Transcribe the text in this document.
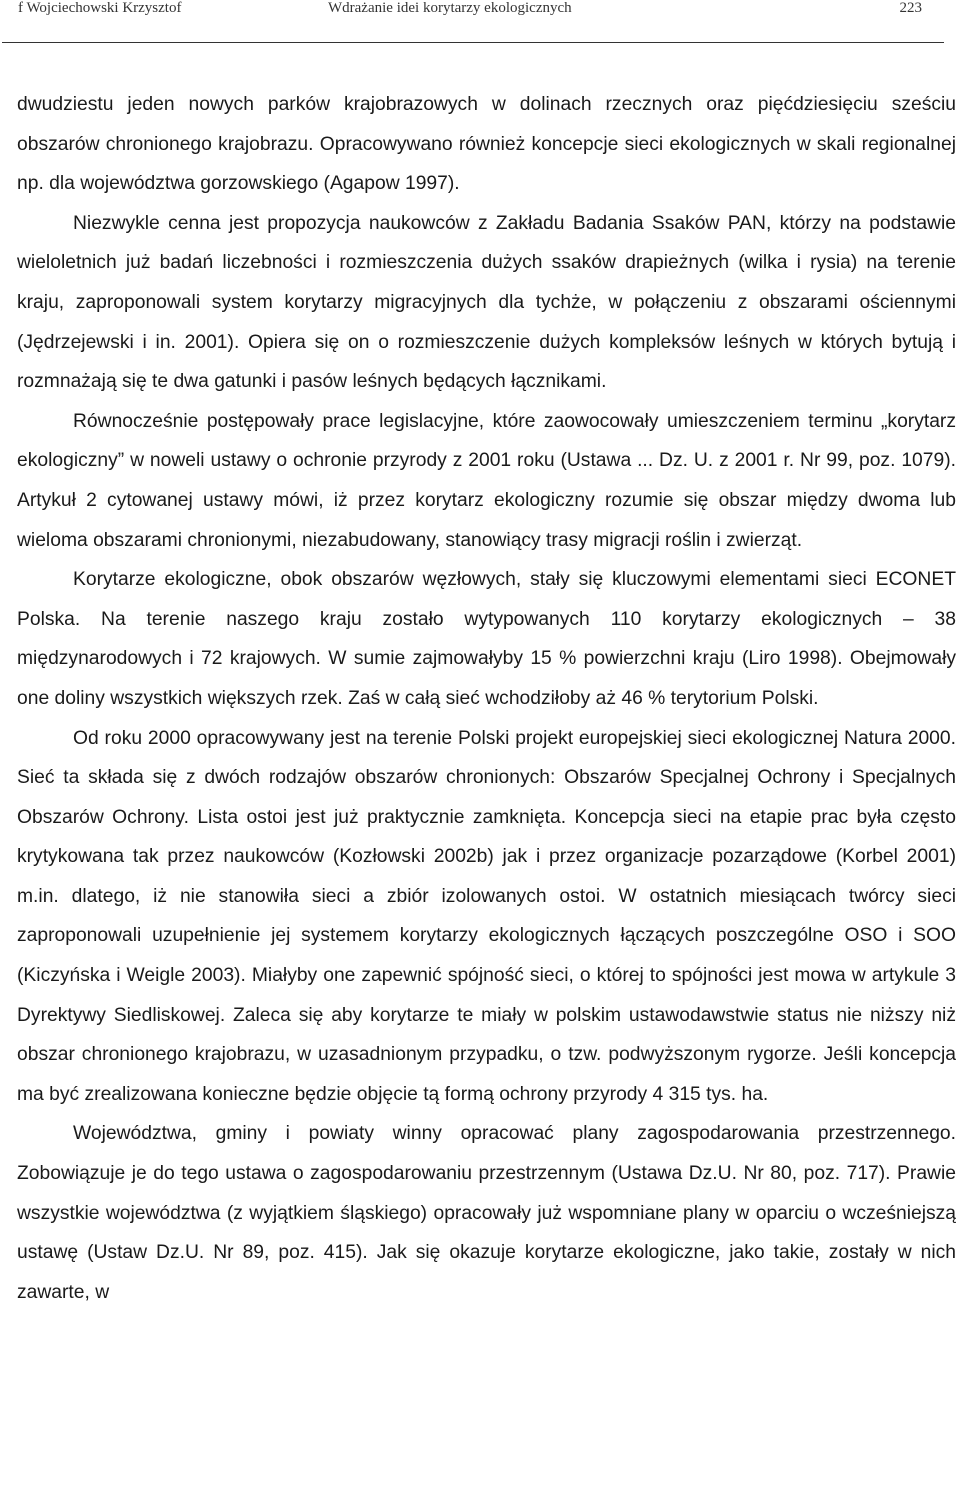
f Wojciechowski Krzysztof	Wdrażanie idei korytarzy ekologicznych	223

dwudziestu jeden nowych parków krajobrazowych w dolinach rzecznych oraz pięćdziesięciu sześciu obszarów chronionego krajobrazu. Opracowywano również koncepcje sieci ekologicznych w skali regionalnej np. dla województwa gorzowskiego (Agapow 1997).

Niezwykle cenna jest propozycja naukowców z Zakładu Badania Ssaków PAN, którzy na podstawie wieloletnich już badań liczebności i rozmieszczenia dużych ssaków drapieżnych (wilka i rysia) na terenie kraju, zaproponowali system korytarzy migracyjnych dla tychże, w połączeniu z obszarami ościennymi (Jędrzejewski i in. 2001). Opiera się on o rozmieszczenie dużych kompleksów leśnych w których bytują i rozmnażają się te dwa gatunki i pasów leśnych będących łącznikami.

Równocześnie postępowały prace legislacyjne, które zaowocowały umieszczeniem terminu „korytarz ekologiczny” w noweli ustawy o ochronie przyrody z 2001 roku (Ustawa ... Dz. U. z 2001 r. Nr 99, poz. 1079). Artykuł 2 cytowanej ustawy mówi, iż przez korytarz ekologiczny rozumie się obszar między dwoma lub wieloma obszarami chronionymi, niezabudowany, stanowiący trasy migracji roślin i zwierząt.

Korytarze ekologiczne, obok obszarów węzłowych, stały się kluczowymi elementami sieci ECONET Polska. Na terenie naszego kraju zostało wytypowanych 110 korytarzy ekologicznych – 38 międzynarodowych i 72 krajowych. W sumie zajmowałyby 15 % powierzchni kraju (Liro 1998). Obejmowały one doliny wszystkich większych rzek. Zaś w całą sieć wchodziłoby aż 46 % terytorium Polski.

Od roku 2000 opracowywany jest na terenie Polski projekt europejskiej sieci ekologicznej Natura 2000. Sieć ta składa się z dwóch rodzajów obszarów chronionych: Obszarów Specjalnej Ochrony i Specjalnych Obszarów Ochrony. Lista ostoi jest już praktycznie zamknięta. Koncepcja sieci na etapie prac była często krytykowana tak przez naukowców (Kozłowski 2002b) jak i przez organizacje pozarządowe (Korbel 2001) m.in. dlatego, iż nie stanowiła sieci a zbiór izolowanych ostoi. W ostatnich miesiącach twórcy sieci zaproponowali uzupełnienie jej systemem korytarzy ekologicznych łączących poszczególne OSO i SOO (Kiczyńska i Weigle 2003). Miałyby one zapewnić spójność sieci, o której to spójności jest mowa w artykule 3 Dyrektywy Siedliskowej. Zaleca się aby korytarze te miały w polskim ustawodawstwie status nie niższy niż obszar chronionego krajobrazu, w uzasadnionym przypadku, o tzw. podwyższonym rygorze. Jeśli koncepcja ma być zrealizowana konieczne będzie objęcie tą formą ochrony przyrody 4 315 tys. ha.

Województwa, gminy i powiaty winny opracować plany zagospodarowania przestrzennego. Zobowiązuje je do tego ustawa o zagospodarowaniu przestrzennym (Ustawa Dz.U. Nr 80, poz. 717). Prawie wszystkie województwa (z wyjątkiem śląskiego) opracowały już wspomniane plany w oparciu o wcześniejszą ustawę (Ustaw Dz.U. Nr 89, poz. 415). Jak się okazuje korytarze ekologiczne, jako takie, zostały w nich zawarte, w
